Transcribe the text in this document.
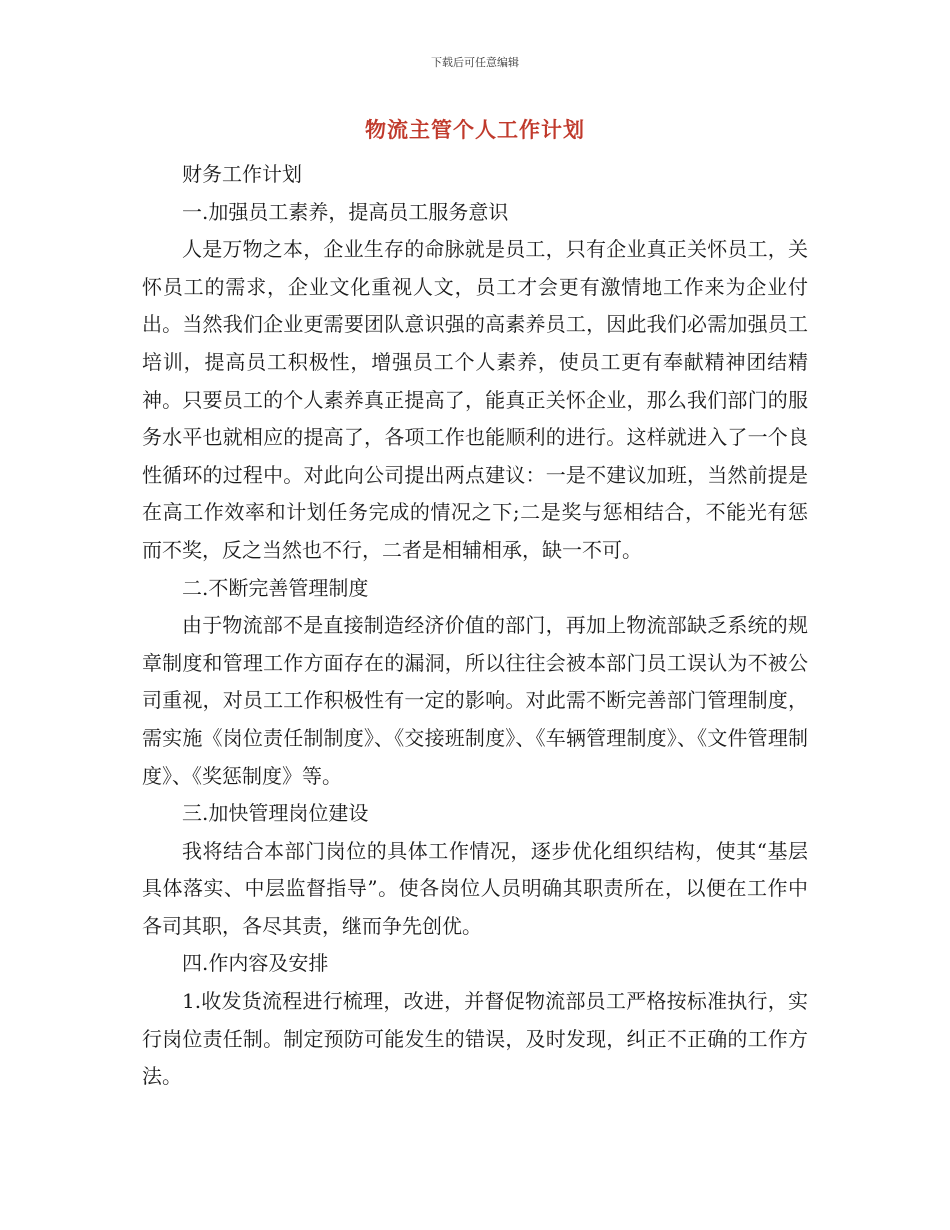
下载后可任意编辑
物流主管个人工作计划

财务工作计划

一.加强员工素养，提高员工服务意识

人是万物之本，企业生存的命脉就是员工，只有企业真正关怀员工，关怀员工的需求，企业文化重视人文，员工才会更有激情地工作来为企业付出。当然我们企业更需要团队意识强的高素养员工，因此我们必需加强员工培训，提高员工积极性，增强员工个人素养，使员工更有奉献精神团结精神。只要员工的个人素养真正提高了，能真正关怀企业，那么我们部门的服务水平也就相应的提高了，各项工作也能顺利的进行。这样就进入了一个良性循环的过程中。对此向公司提出两点建议：一是不建议加班，当然前提是在高工作效率和计划任务完成的情况之下;二是奖与惩相结合，不能光有惩而不奖，反之当然也不行，二者是相辅相承，缺一不可。

二.不断完善管理制度

由于物流部不是直接制造经济价值的部门，再加上物流部缺乏系统的规章制度和管理工作方面存在的漏洞，所以往往会被本部门员工误认为不被公司重视，对员工工作积极性有一定的影响。对此需不断完善部门管理制度，需实施《岗位责任制制度》、《交接班制度》、《车辆管理制度》、《文件管理制度》、《奖惩制度》等。

三.加快管理岗位建设

我将结合本部门岗位的具体工作情况，逐步优化组织结构，使其“基层具体落实、中层监督指导”。使各岗位人员明确其职责所在，以便在工作中各司其职，各尽其责，继而争先创优。

四.作内容及安排

1.收发货流程进行梳理，改进，并督促物流部员工严格按标准执行，实行岗位责任制。制定预防可能发生的错误，及时发现，纠正不正确的工作方法。
